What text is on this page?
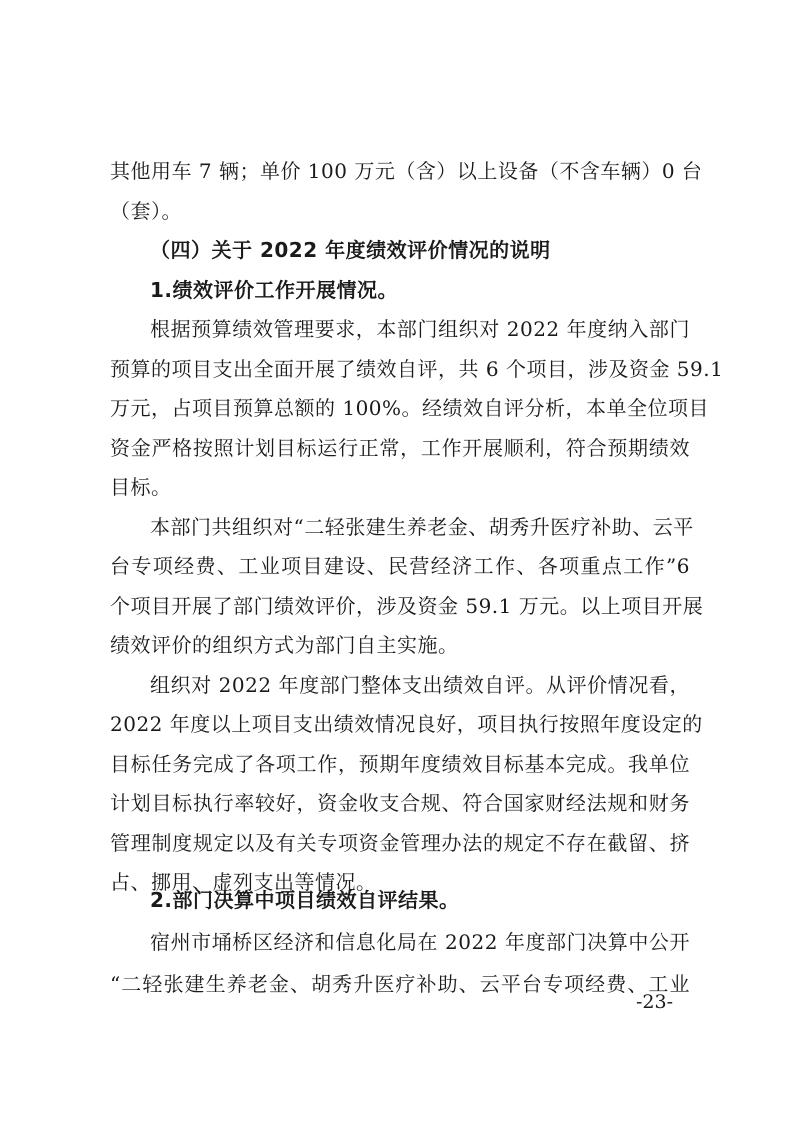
其他用车 7 辆；单价 100 万元（含）以上设备（不含车辆）0 台
（套）。
（四）关于 2022 年度绩效评价情况的说明
1.绩效评价工作开展情况。
根据预算绩效管理要求，本部门组织对 2022 年度纳入部门
预算的项目支出全面开展了绩效自评，共 6 个项目，涉及资金 59.1
万元，占项目预算总额的 100%。经绩效自评分析，本单全位项目
资金严格按照计划目标运行正常，工作开展顺利，符合预期绩效
目标。
本部门共组织对“二轻张建生养老金、胡秀升医疗补助、云平
台专项经费、工业项目建设、民营经济工作、各项重点工作”6
个项目开展了部门绩效评价，涉及资金 59.1 万元。以上项目开展
绩效评价的组织方式为部门自主实施。
组织对 2022 年度部门整体支出绩效自评。从评价情况看，
2022 年度以上项目支出绩效情况良好，项目执行按照年度设定的
目标任务完成了各项工作，预期年度绩效目标基本完成。我单位
计划目标执行率较好，资金收支合规、符合国家财经法规和财务
管理制度规定以及有关专项资金管理办法的规定不存在截留、挤
占、挪用、虚列支出等情况。
2.部门决算中项目绩效自评结果。
宿州市埇桥区经济和信息化局在 2022 年度部门决算中公开
“二轻张建生养老金、胡秀升医疗补助、云平台专项经费、工业
-23-
